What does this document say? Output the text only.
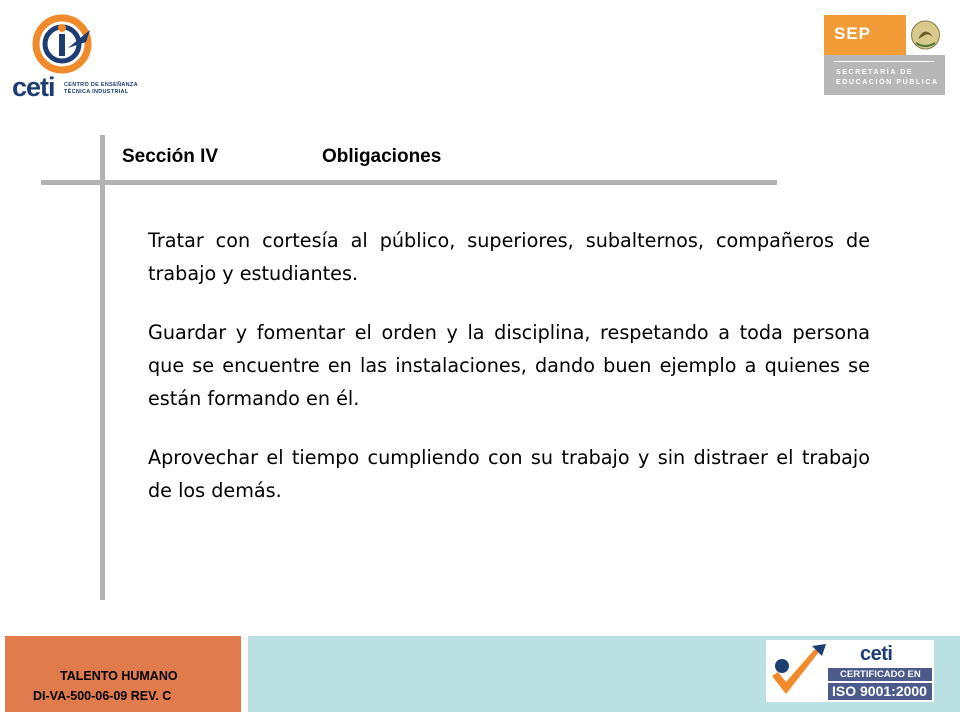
ceti CENTRO DE ENSEÑANZA
TÉCNICA INDUSTRIAL
SEP
SECRETARÍA DE
EDUCACIÓN PÚBLICA
Sección IV	Obligaciones

Tratar con cortesía al público, superiores, subalternos, compañeros de trabajo y estudiantes.

Guardar y fomentar el orden y la disciplina, respetando a toda persona que se encuentre en las instalaciones, dando buen ejemplo a quienes se están formando en él.

Aprovechar el tiempo cumpliendo con su trabajo y sin distraer el trabajo de los demás.

TALENTO HUMANO
DI-VA-500-06-09 REV. C
ceti
CERTIFICADO EN
ISO 9001:2000
